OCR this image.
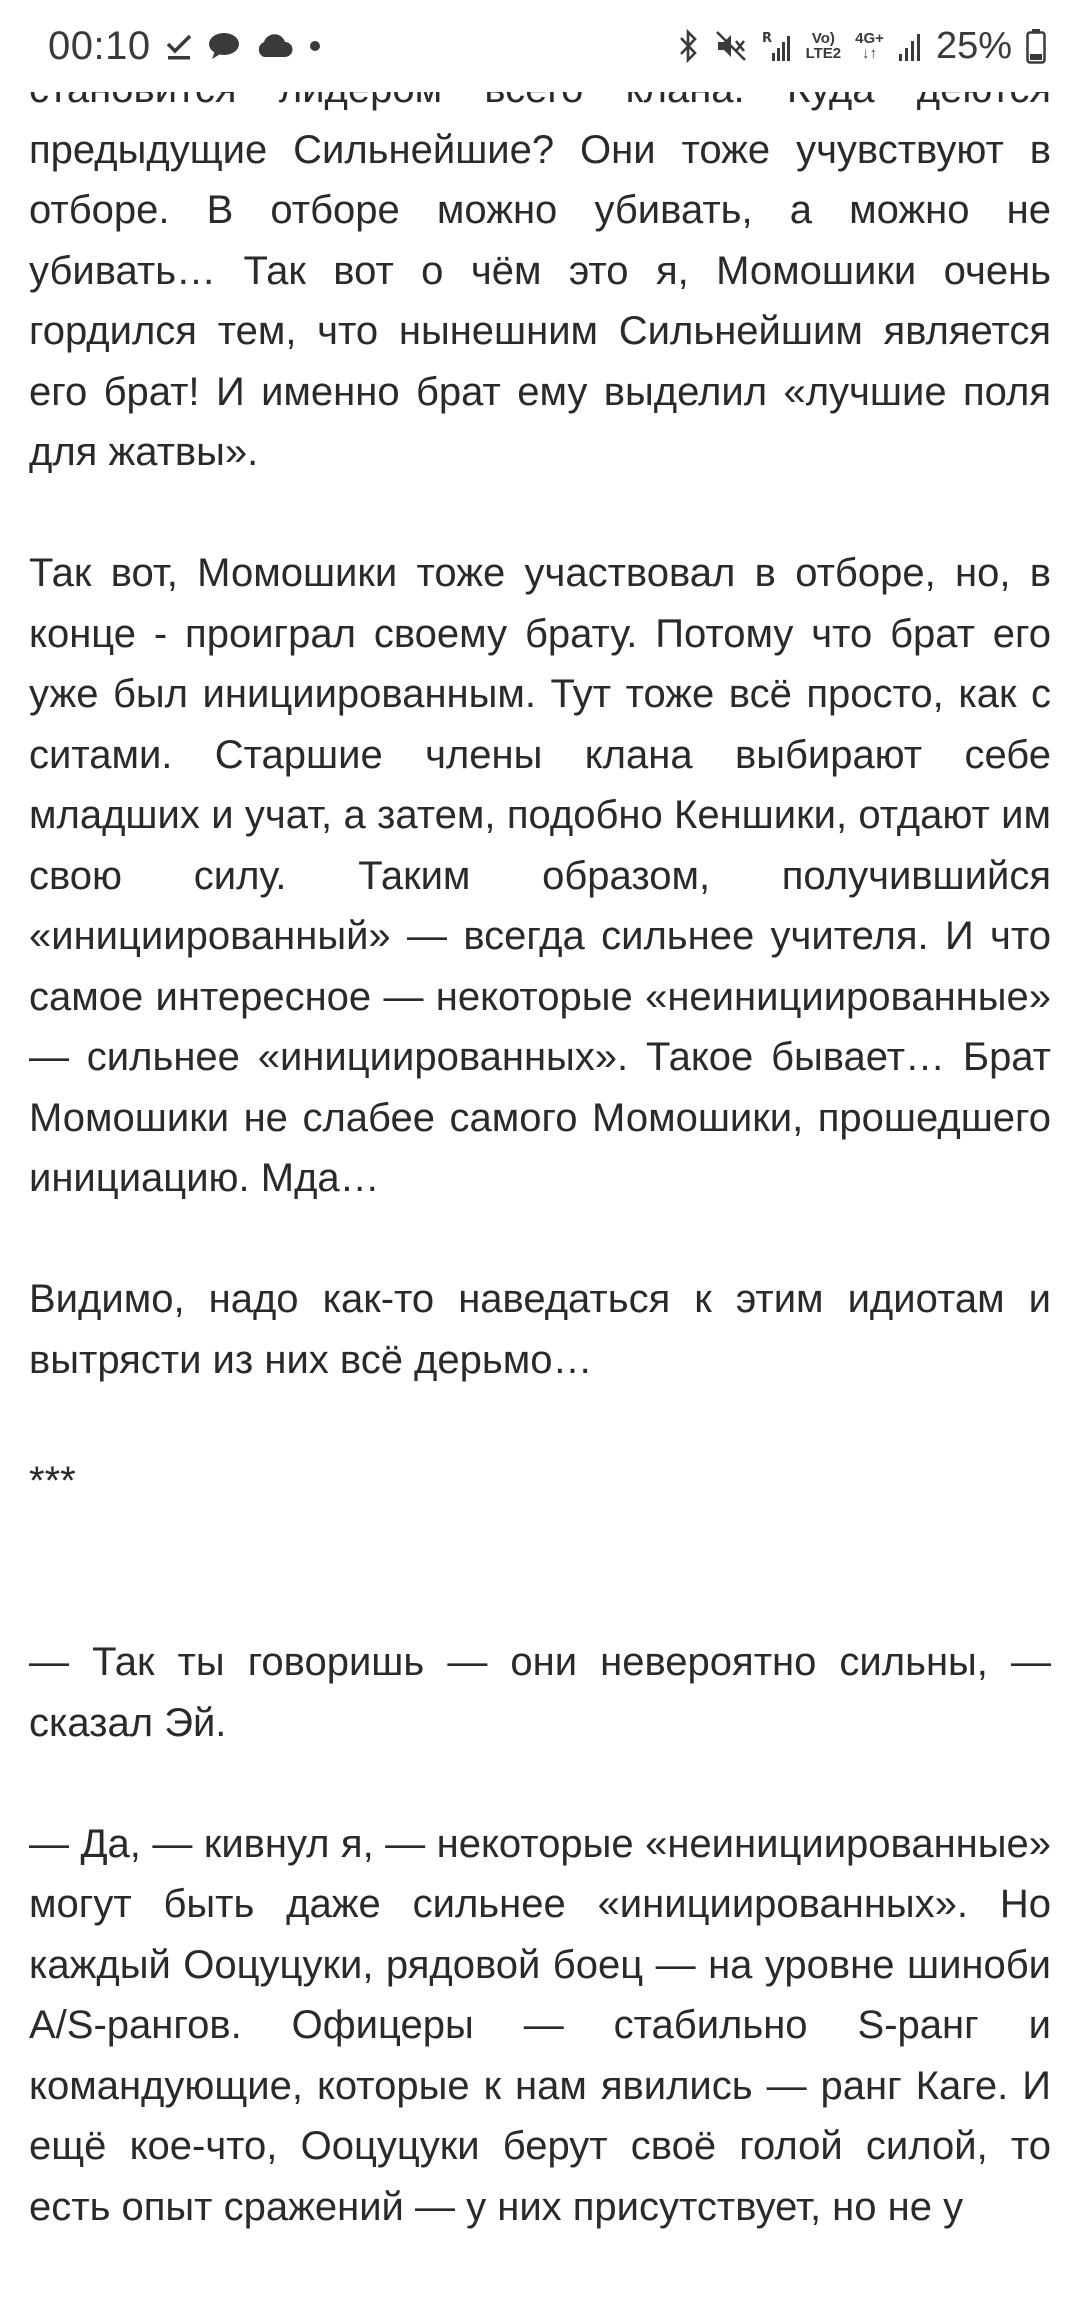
предыдущие Сильнейшие? Они тоже учувствуют в отборе. В отборе можно убивать, а можно не убивать… Так вот о чём это я, Момошики очень гордился тем, что нынешним Сильнейшим является его брат! И именно брат ему выделил «лучшие поля для жатвы».

Так вот, Момошики тоже участвовал в отборе, но, в конце - проиграл своему брату. Потому что брат его уже был инициированным. Тут тоже всё просто, как с ситами. Старшие члены клана выбирают себе младших и учат, а затем, подобно Кеншики, отдают им свою силу. Таким образом, получившийся «инициированный» — всегда сильнее учителя. И что самое интересное — некоторые «неинициированные» — сильнее «инициированных». Такое бывает… Брат Момошики не слабее самого Момошики, прошедшего инициацию. Мда…

Видимо, надо как-то наведаться к этим идиотам и вытрясти из них всё дерьмо…

***

— Так ты говоришь — они невероятно сильны, — сказал Эй.

— Да, — кивнул я, — некоторые «неинициированные» могут быть даже сильнее «инициированных». Но каждый Ооцуцуки, рядовой боец — на уровне шиноби A/S-рангов. Офицеры — стабильно S-ранг и командующие, которые к нам явились — ранг Каге. И ещё кое-что, Ооцуцуки берут своё голой силой, то есть опыт сражений — у них присутствует, но не у

00:10	R	Vo)
LTE2
4G+
↓↑ 25%
